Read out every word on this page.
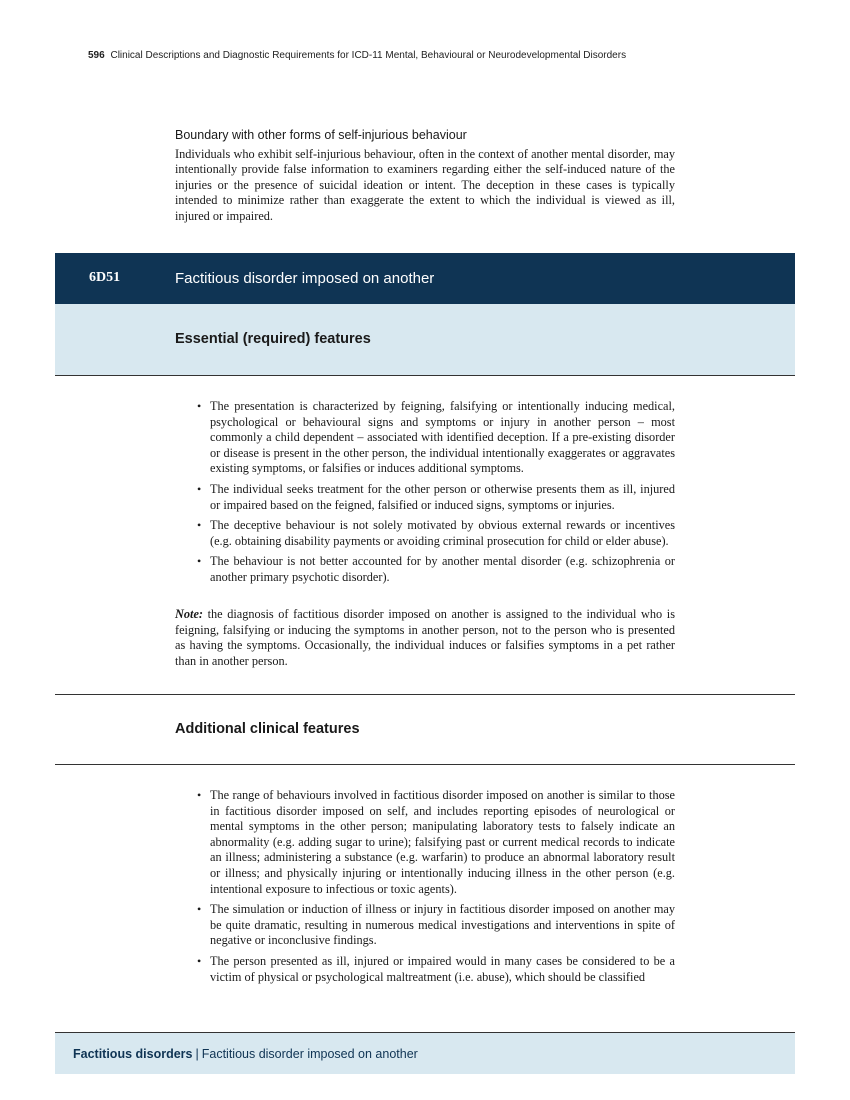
596 Clinical Descriptions and Diagnostic Requirements for ICD-11 Mental, Behavioural or Neurodevelopmental Disorders
Boundary with other forms of self-injurious behaviour

Individuals who exhibit self-injurious behaviour, often in the context of another mental disorder, may intentionally provide false information to examiners regarding either the self-induced nature of the injuries or the presence of suicidal ideation or intent. The deception in these cases is typically intended to minimize rather than exaggerate the extent to which the individual is viewed as ill, injured or impaired.

6D51	Factitious disorder imposed on another
Essential (required) features
• The presentation is characterized by feigning, falsifying or intentionally inducing medical, psychological or behavioural signs and symptoms or injury in another person – most commonly a child dependent – associated with identified deception. If a pre-existing disorder or disease is present in the other person, the individual intentionally exaggerates or aggravates existing symptoms, or falsifies or induces additional symptoms.
• The individual seeks treatment for the other person or otherwise presents them as ill, injured or impaired based on the feigned, falsified or induced signs, symptoms or injuries.
• The deceptive behaviour is not solely motivated by obvious external rewards or incentives (e.g. obtaining disability payments or avoiding criminal prosecution for child or elder abuse).
• The behaviour is not better accounted for by another mental disorder (e.g. schizophrenia or another primary psychotic disorder).

Note: the diagnosis of factitious disorder imposed on another is assigned to the individual who is feigning, falsifying or inducing the symptoms in another person, not to the person who is presented as having the symptoms. Occasionally, the individual induces or falsifies symptoms in a pet rather than in another person.

Additional clinical features
• The range of behaviours involved in factitious disorder imposed on another is similar to those in factitious disorder imposed on self, and includes reporting episodes of neurological or mental symptoms in the other person; manipulating laboratory tests to falsely indicate an abnormality (e.g. adding sugar to urine); falsifying past or current medical records to indicate an illness; administering a substance (e.g. warfarin) to produce an abnormal laboratory result or illness; and physically injuring or intentionally inducing illness in the other person (e.g. intentional exposure to infectious or toxic agents).
• The simulation or induction of illness or injury in factitious disorder imposed on another may be quite dramatic, resulting in numerous medical investigations and interventions in spite of negative or inconclusive findings.
• The person presented as ill, injured or impaired would in many cases be considered to be a victim of physical or psychological maltreatment (i.e. abuse), which should be classified
Factitious disorders | Factitious disorder imposed on another
